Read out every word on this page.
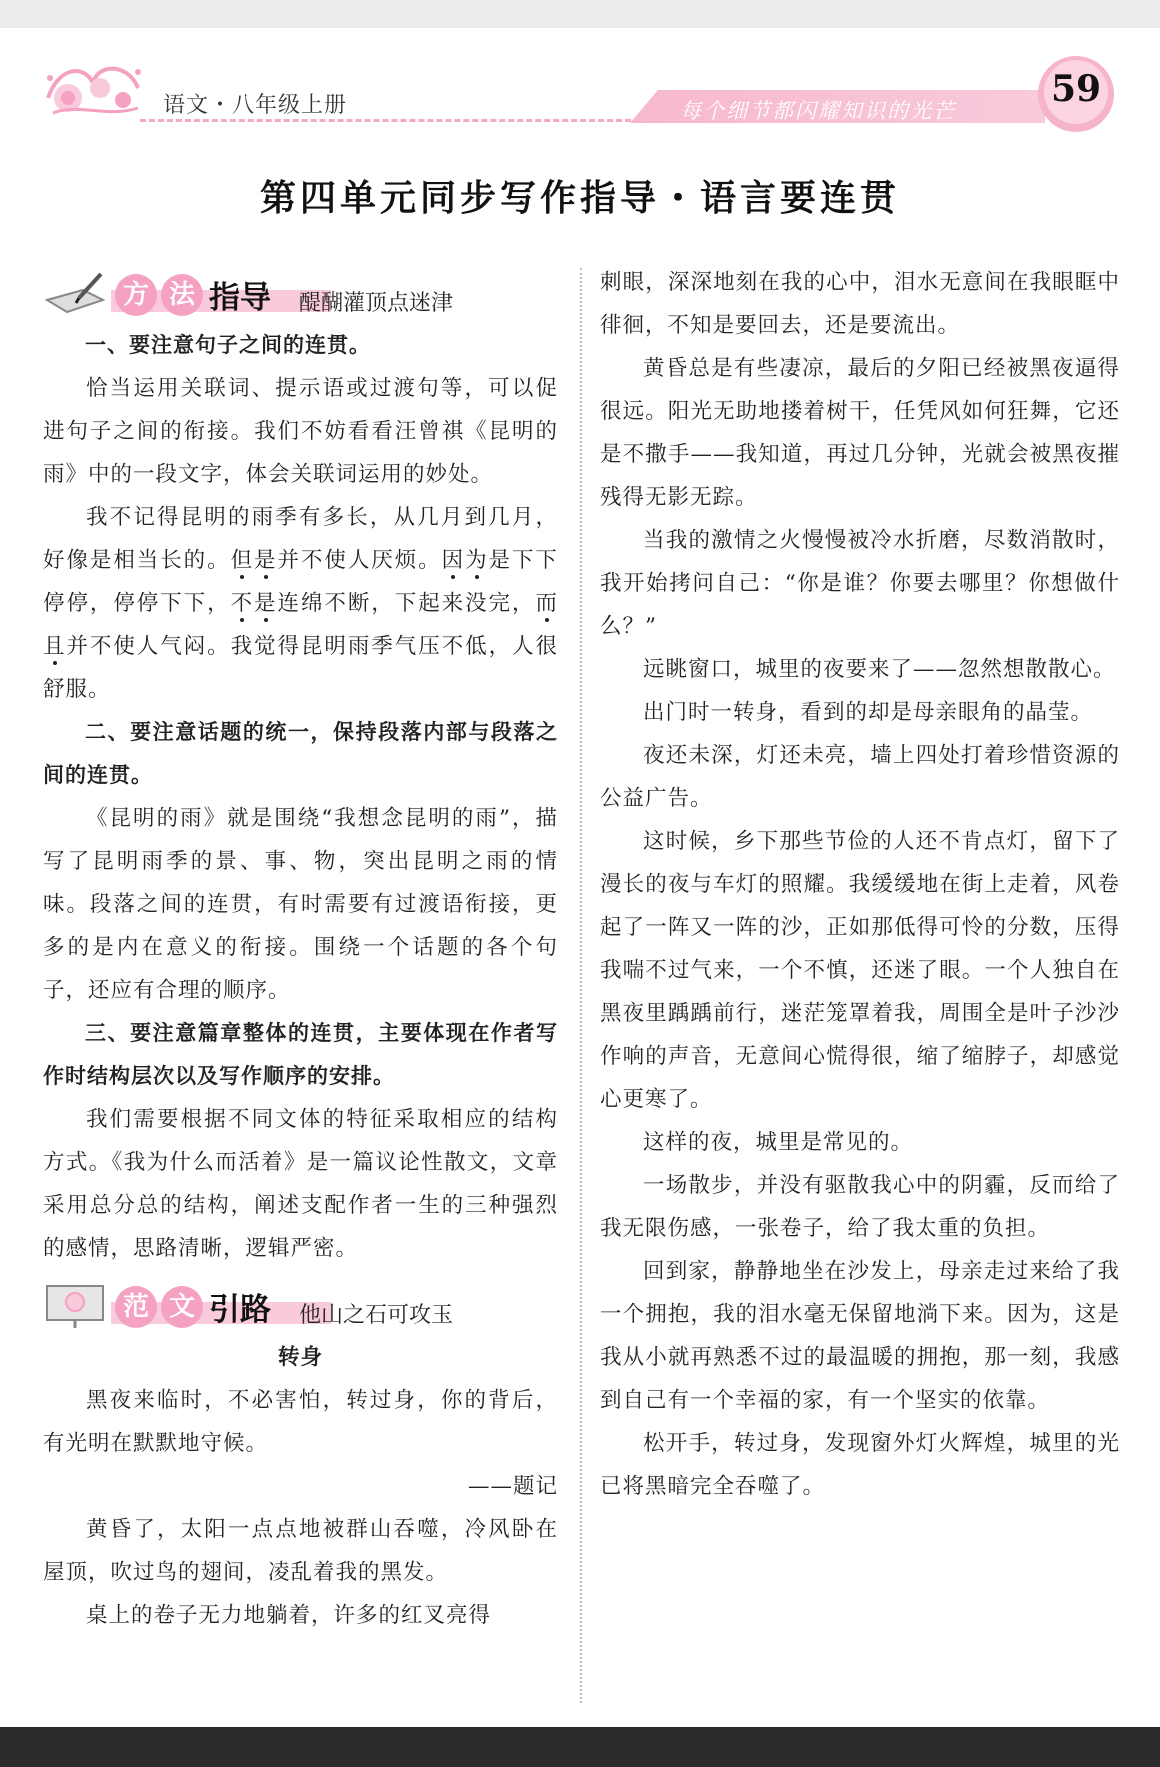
语文・八年级上册	每个细节都闪耀知识的光芒
59
第四单元同步写作指导・语言要连贯
方 法 指导 醍醐灌顶点迷津

一、要注意句子之间的连贯。

恰当运用关联词、提示语或过渡句等，可以促进句子之间的衔接。我们不妨看看汪曾祺《昆明的雨》中的一段文字，体会关联词运用的妙处。

我不记得昆明的雨季有多长，从几月到几月，好像是相当长的。但是并不使人厌烦。因为是下下停停，停停下下，不是连绵不断，下起来没完，而且并不使人气闷。我觉得昆明雨季气压不低，人很舒服。

二、要注意话题的统一，保持段落内部与段落之间的连贯。

《昆明的雨》就是围绕“我想念昆明的雨”，描写了昆明雨季的景、事、物，突出昆明之雨的情味。段落之间的连贯，有时需要有过渡语衔接，更多的是内在意义的衔接。围绕一个话题的各个句子，还应有合理的顺序。

三、要注意篇章整体的连贯，主要体现在作者写作时结构层次以及写作顺序的安排。

我们需要根据不同文体的特征采取相应的结构方式。《我为什么而活着》是一篇议论性散文，文章采用总分总的结构，阐述支配作者一生的三种强烈的感情，思路清晰，逻辑严密。

范 文 引路 他山之石可攻玉

转身

黑夜来临时，不必害怕，转过身，你的背后，有光明在默默地守候。

——题记

黄昏了，太阳一点点地被群山吞噬，冷风卧在屋顶，吹过鸟的翅间，凌乱着我的黑发。

桌上的卷子无力地躺着，许多的红叉亮得

刺眼，深深地刻在我的心中，泪水无意间在我眼眶中徘徊，不知是要回去，还是要流出。

黄昏总是有些凄凉，最后的夕阳已经被黑夜逼得很远。阳光无助地搂着树干，任凭风如何狂舞，它还是不撒手——我知道，再过几分钟，光就会被黑夜摧残得无影无踪。

当我的激情之火慢慢被冷水折磨，尽数消散时，我开始拷问自己：“你是谁？你要去哪里？你想做什么？”

远眺窗口，城里的夜要来了——忽然想散散心。

出门时一转身，看到的却是母亲眼角的晶莹。

夜还未深，灯还未亮，墙上四处打着珍惜资源的公益广告。

这时候，乡下那些节俭的人还不肯点灯，留下了漫长的夜与车灯的照耀。我缓缓地在街上走着，风卷起了一阵又一阵的沙，正如那低得可怜的分数，压得我喘不过气来，一个不慎，还迷了眼。一个人独自在黑夜里踽踽前行，迷茫笼罩着我，周围全是叶子沙沙作响的声音，无意间心慌得很，缩了缩脖子，却感觉心更寒了。

这样的夜，城里是常见的。

一场散步，并没有驱散我心中的阴霾，反而给了我无限伤感，一张卷子，给了我太重的负担。

回到家，静静地坐在沙发上，母亲走过来给了我一个拥抱，我的泪水毫无保留地淌下来。因为，这是我从小就再熟悉不过的最温暖的拥抱，那一刻，我感到自己有一个幸福的家，有一个坚实的依靠。

松开手，转过身，发现窗外灯火辉煌，城里的光已将黑暗完全吞噬了。
